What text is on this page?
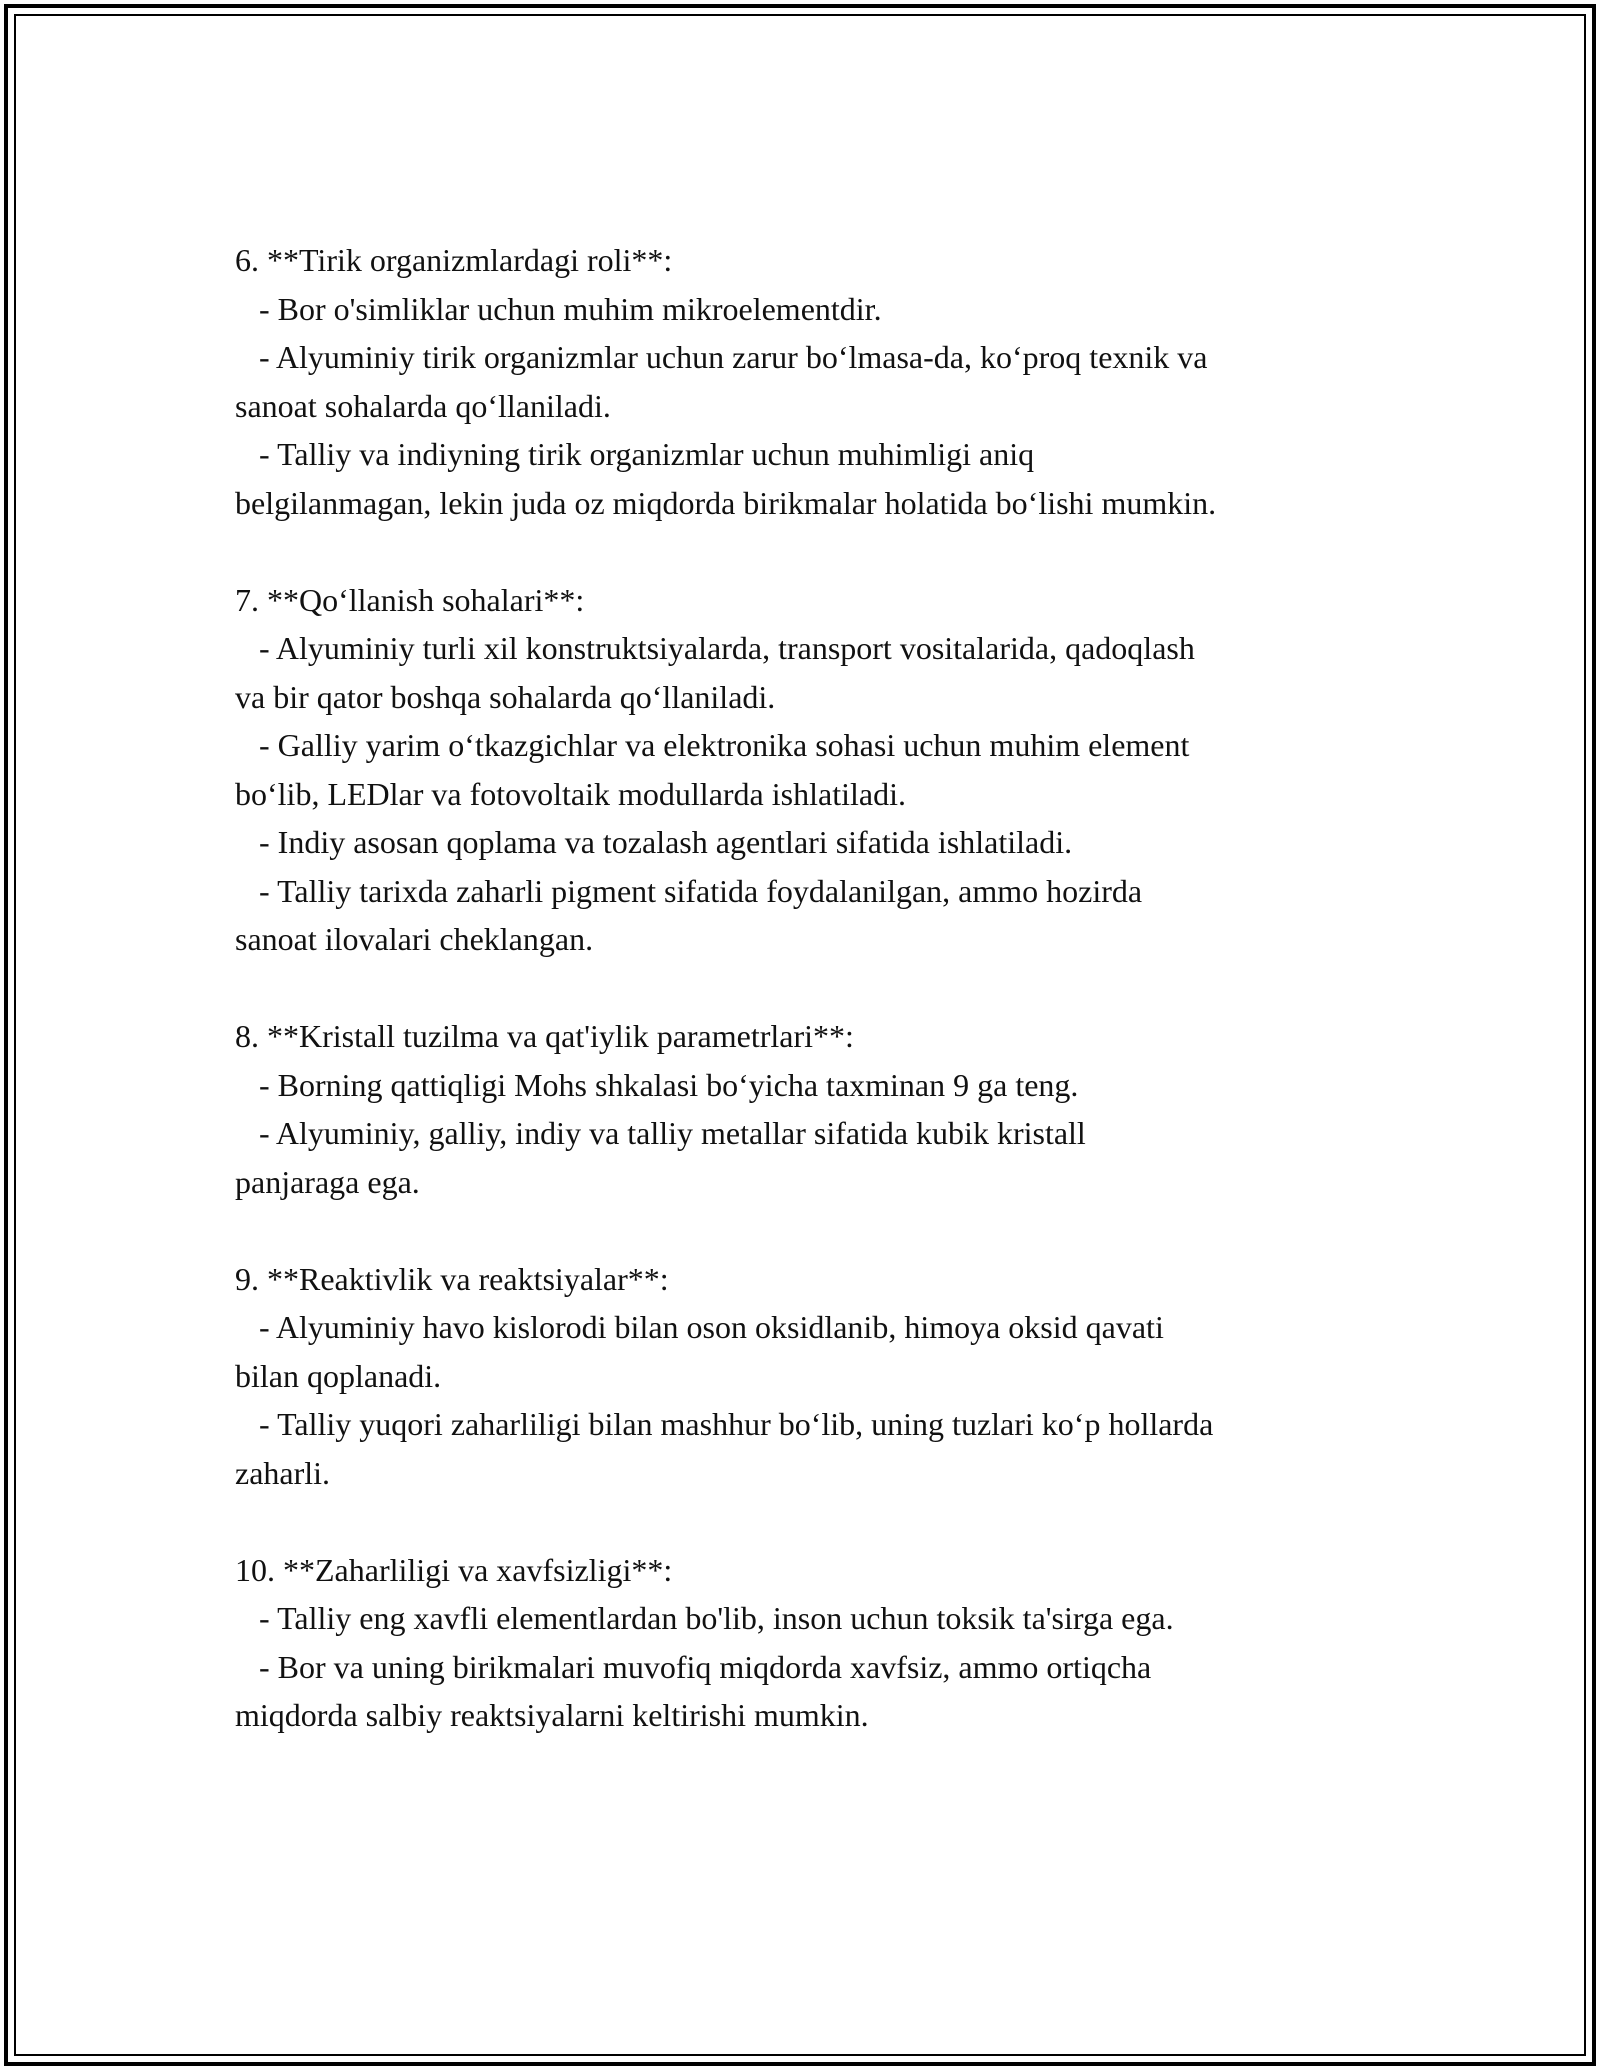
6. **Tirik organizmlardagi roli**:
- Bor o'simliklar uchun muhim mikroelementdir.
- Alyuminiy tirik organizmlar uchun zarur bo‘lmasa-da, ko‘proq texnik va
sanoat sohalarda qo‘llaniladi.
- Talliy va indiyning tirik organizmlar uchun muhimligi aniq
belgilanmagan, lekin juda oz miqdorda birikmalar holatida bo‘lishi mumkin.
7. **Qo‘llanish sohalari**:
- Alyuminiy turli xil konstruktsiyalarda, transport vositalarida, qadoqlash
va bir qator boshqa sohalarda qo‘llaniladi.
- Galliy yarim o‘tkazgichlar va elektronika sohasi uchun muhim element
bo‘lib, LEDlar va fotovoltaik modullarda ishlatiladi.
- Indiy asosan qoplama va tozalash agentlari sifatida ishlatiladi.
- Talliy tarixda zaharli pigment sifatida foydalanilgan, ammo hozirda
sanoat ilovalari cheklangan.
8. **Kristall tuzilma va qat'iylik parametrlari**:
- Borning qattiqligi Mohs shkalasi bo‘yicha taxminan 9 ga teng.
- Alyuminiy, galliy, indiy va talliy metallar sifatida kubik kristall
panjaraga ega.
9. **Reaktivlik va reaktsiyalar**:
- Alyuminiy havo kislorodi bilan oson oksidlanib, himoya oksid qavati
bilan qoplanadi.
- Talliy yuqori zaharliligi bilan mashhur bo‘lib, uning tuzlari ko‘p hollarda
zaharli.
10. **Zaharliligi va xavfsizligi**:
- Talliy eng xavfli elementlardan bo'lib, inson uchun toksik ta'sirga ega.
- Bor va uning birikmalari muvofiq miqdorda xavfsiz, ammo ortiqcha
miqdorda salbiy reaktsiyalarni keltirishi mumkin.
